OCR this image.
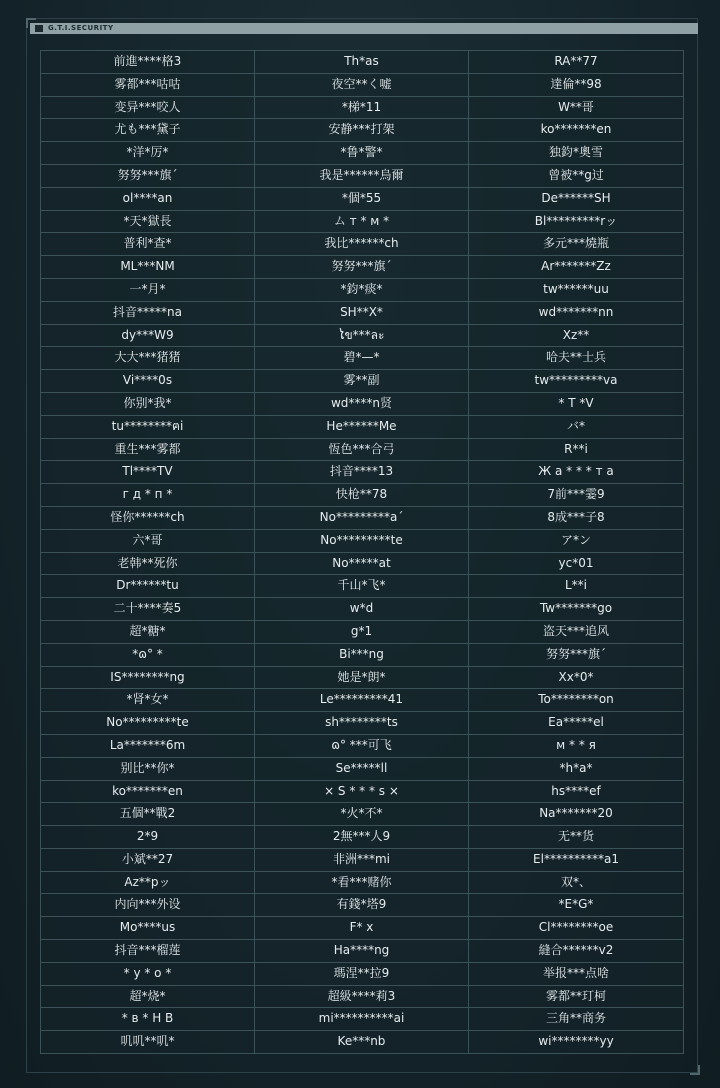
G.T.I.SECURITY
前進****格3	Th*as	RA**77
雾都***咕咕	夜空**く嘘	達倫**98
变异***咬人	*梯*11	W**哥
尤も***黛子	安静***打架	ko*******en
*洋*厉*	*鲁*警*	独鈞*奧雪
努努***旗ˊ	我是******烏爾	曾被**g过
ol****an	*個*55	De******SH
*天*獄長	ム т * м *	Bl*********rッ
普利*查*	我比******ch	多元***燒瓶
ML***NM	努努***旗ˊ	Ar*******Zz
一*月*	*鈞*痰*	tw******uu
抖音*****na	SH**X*	wd*******nn
dy***W9	ໄข***ละ	Xz**
大大***猪猪	碧*—*	哈夫**士兵
Vi****0s	雾**副	tw*********va
你别*我*	wd****n贤	* T *V
tu********ฅi	He******Me	バ*
重生***雾都	恆色***合弓	R**i
Tl****TV	抖音****13	Ж а * * * т а
г д * п *	快枪**78	7前***霎9
怪你******ch	No*********a´	8成***子8
六*哥	No*********te	ア*ン
老韩**死你	No*****at	yc*01
Dr******tu	千山*飞*	L**i
二十****奏5	w*d	Tw*******go
超*糖*	g*1	盗天***追风
*ɷ° *	Bi***ng	努努***旗ˊ
IS********ng	她是*朗*	Xx*0*
*肾*女*	Le*********41	To********on
No*********te	sh********ts	Ea*****el
La*******6m	ɷ° ***可飞	м * * я
别比**你*	Se*****ll	*h*a*
ko*******en	× S * * * s ×	hs****ef
五個**戰2	*火*不*	Na*******20
2*9	2無***人9	无**货
小斌**27	非洲***mi	El**********a1
Az**pッ	*看***赌你	双*、
内向***外设	有錢*塔9	*E*G*
Mo****us	F* x	Cl********oe
抖音***榴莲	Ha****ng	縫合******v2
* y * o *	瑪涅**拉9	举报***点啥
超*烧*	超級****莉3	雾都**玎柯
* в * Н В	mi**********ai	三角**商务
叽叽**叽*	Ke***nb	wi********yy
